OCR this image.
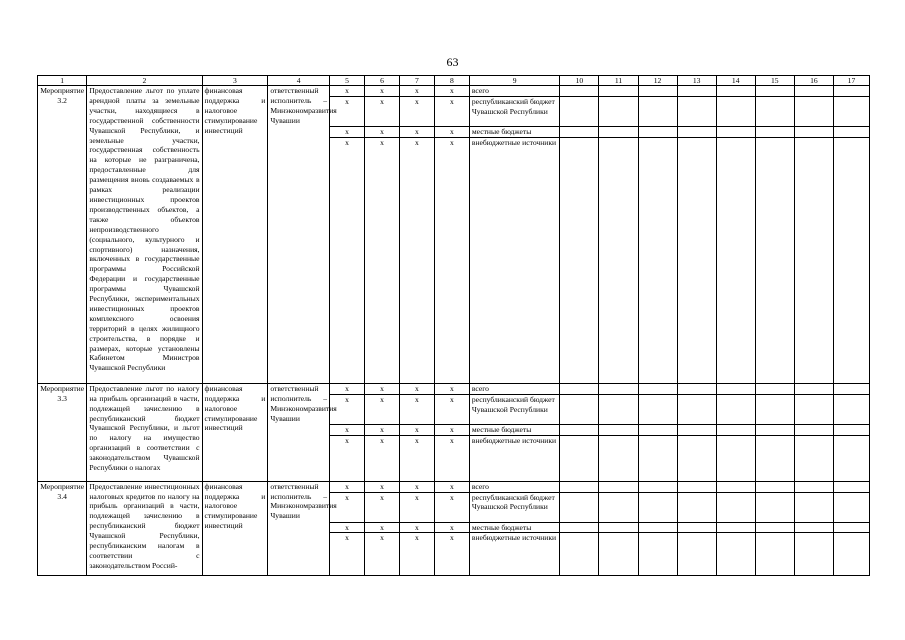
63
1	2	3	4	5	6	7	8	9	10	11	12	13	14	15	16	17
Мероприятие 3.2	Предоставление льгот по уплате арендной платы за земельные участки, находящиеся в государственной собственности Чувашской Республики, и земельные участки, государственная собственность на которые не разграничена, предоставленные для размещения вновь создаваемых в рамках реализации инвестиционных проектов производственных объектов, а также объектов непроизводственного (социального, культурного и спортивного) назначения, включенных в государственные программы Российской Федерации и государственные программы Чувашской Республики, экспериментальных инвестиционных проектов комплексного освоения территорий в целях жилищного строительства, в порядке и размерах, которые установлены Кабинетом Министров Чувашской Республики	финансовая поддержка и налоговое стимулирование инвестиций	ответственный исполнитель – Минэкономразвития Чувашии	х	х	х	х	всего								
				х	х	х	х	республиканский бюджет Чувашской Республики								
				х	х	х	х	местные бюджеты								
				х	х	х	х	внебюджетные источники								
Мероприятие 3.3	Предоставление льгот по налогу на прибыль организаций в части, подлежащей зачислению в республиканский бюджет Чувашской Республики, и льгот по налогу на имущество организаций в соответствии с законодательством Чувашской Республики о налогах	финансовая поддержка и налоговое стимулирование инвестиций	ответственный исполнитель – Минэкономразвития Чувашии	х	х	х	х	всего								
				х	х	х	х	республиканский бюджет Чувашской Республики								
				х	х	х	х	местные бюджеты								
				х	х	х	х	внебюджетные источники								
Мероприятие 3.4	Предоставление инвестиционных налоговых кредитов по налогу на прибыль организаций в части, подлежащей зачислению в республиканский бюджет Чувашской Республики, республиканским налогам в соответствии с законодательством Россий-	финансовая поддержка и налоговое стимулирование инвестиций	ответственный исполнитель – Минэкономразвития Чувашии	х	х	х	х	всего								
				х	х	х	х	республиканский бюджет Чувашской Республики								
				х	х	х	х	местные бюджеты								
				х	х	х	х	внебюджетные источники								
